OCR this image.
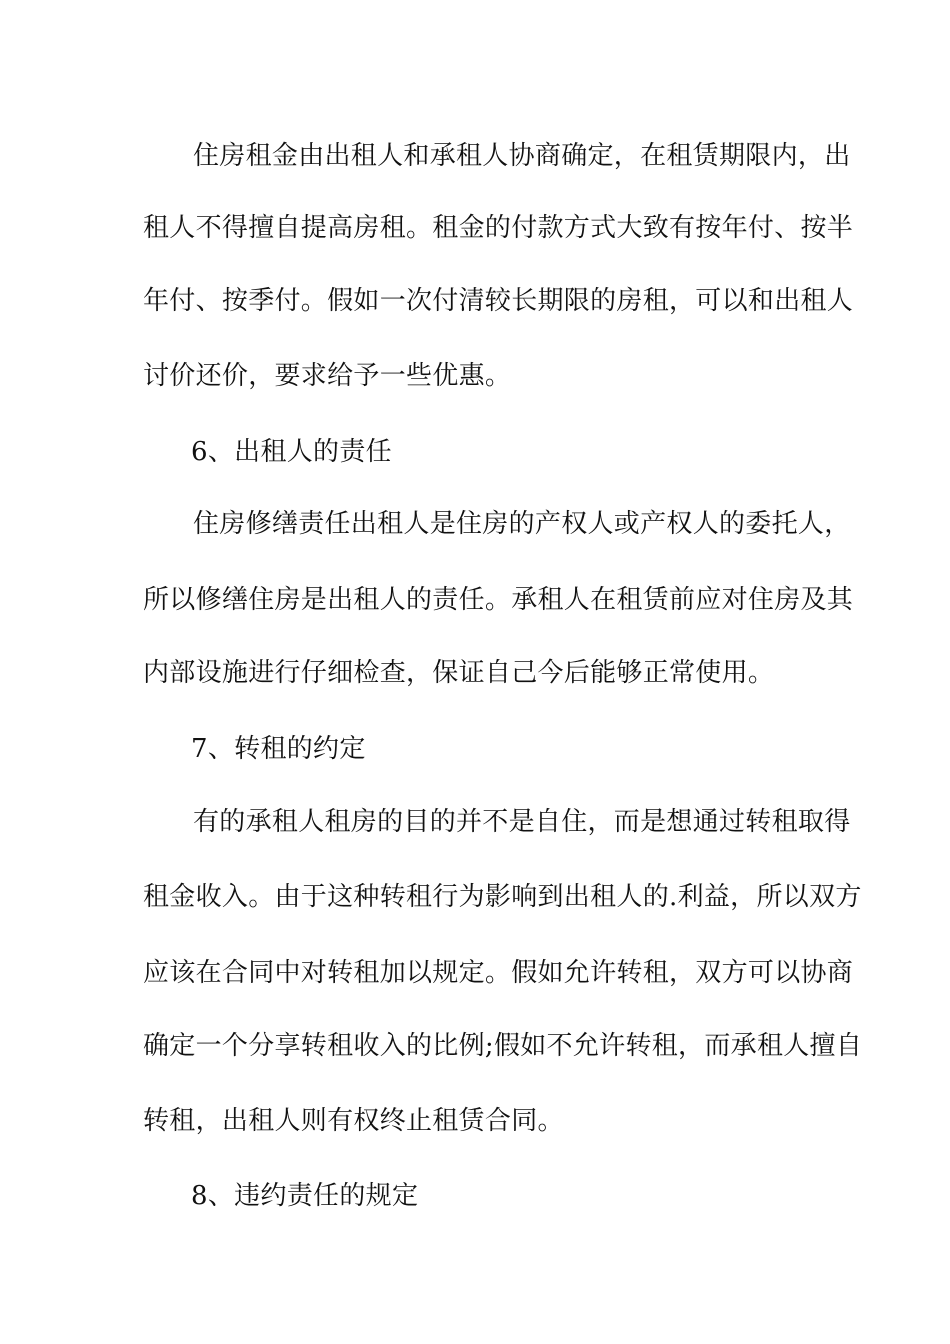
住房租金由出租人和承租人协商确定，在租赁期限内，出
租人不得擅自提高房租。租金的付款方式大致有按年付、按半
年付、按季付。假如一次付清较长期限的房租，可以和出租人
讨价还价，要求给予一些优惠。
6、出租人的责任
住房修缮责任出租人是住房的产权人或产权人的委托人，
所以修缮住房是出租人的责任。承租人在租赁前应对住房及其
内部设施进行仔细检查，保证自己今后能够正常使用。
7、转租的约定
有的承租人租房的目的并不是自住，而是想通过转租取得
租金收入。由于这种转租行为影响到出租人的.利益，所以双方
应该在合同中对转租加以规定。假如允许转租，双方可以协商
确定一个分享转租收入的比例;假如不允许转租，而承租人擅自
转租，出租人则有权终止租赁合同。
8、违约责任的规定
